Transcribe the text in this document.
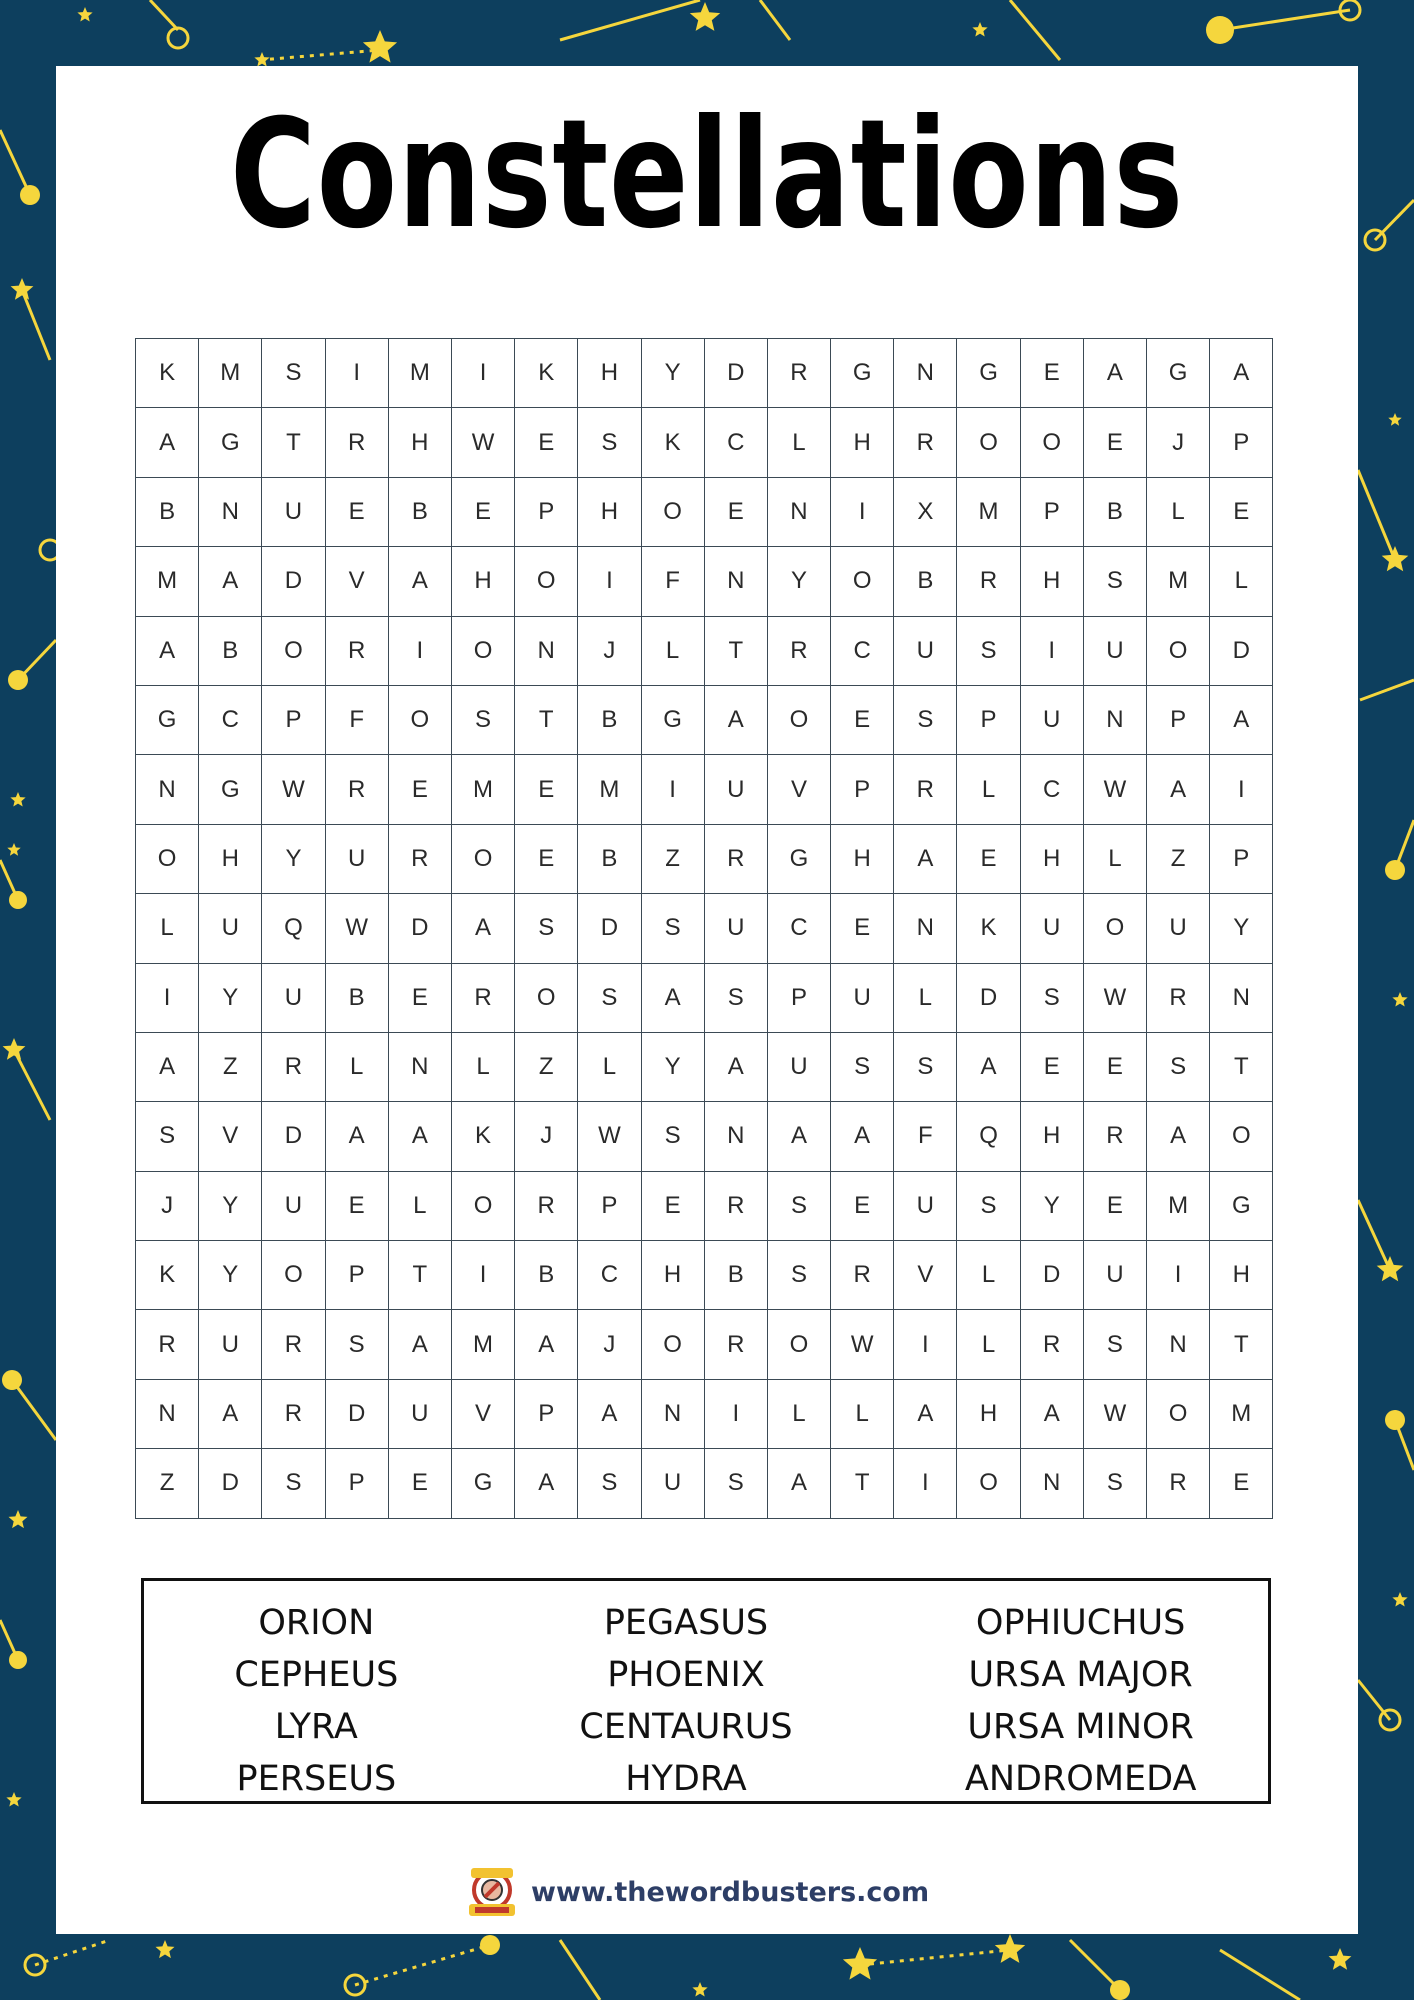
Constellations
K	M	S	I	M	I	K	H	Y	D	R	G	N	G	E	A	G	A
A	G	T	R	H	W	E	S	K	C	L	H	R	O	O	E	J	P
B	N	U	E	B	E	P	H	O	E	N	I	X	M	P	B	L	E
M	A	D	V	A	H	O	I	F	N	Y	O	B	R	H	S	M	L
A	B	O	R	I	O	N	J	L	T	R	C	U	S	I	U	O	D
G	C	P	F	O	S	T	B	G	A	O	E	S	P	U	N	P	A
N	G	W	R	E	M	E	M	I	U	V	P	R	L	C	W	A	I
O	H	Y	U	R	O	E	B	Z	R	G	H	A	E	H	L	Z	P
L	U	Q	W	D	A	S	D	S	U	C	E	N	K	U	O	U	Y
I	Y	U	B	E	R	O	S	A	S	P	U	L	D	S	W	R	N
A	Z	R	L	N	L	Z	L	Y	A	U	S	S	A	E	E	S	T
S	V	D	A	A	K	J	W	S	N	A	A	F	Q	H	R	A	O
J	Y	U	E	L	O	R	P	E	R	S	E	U	S	Y	E	M	G
K	Y	O	P	T	I	B	C	H	B	S	R	V	L	D	U	I	H
R	U	R	S	A	M	A	J	O	R	O	W	I	L	R	S	N	T
N	A	R	D	U	V	P	A	N	I	L	L	A	H	A	W	O	M
Z	D	S	P	E	G	A	S	U	S	A	T	I	O	N	S	R	E
ORION
CEPHEUS
LYRA
PERSEUS
PEGASUS
PHOENIX
CENTAURUS
HYDRA
OPHIUCHUS
URSA MAJOR
URSA MINOR
ANDROMEDA
www.thewordbusters.com
